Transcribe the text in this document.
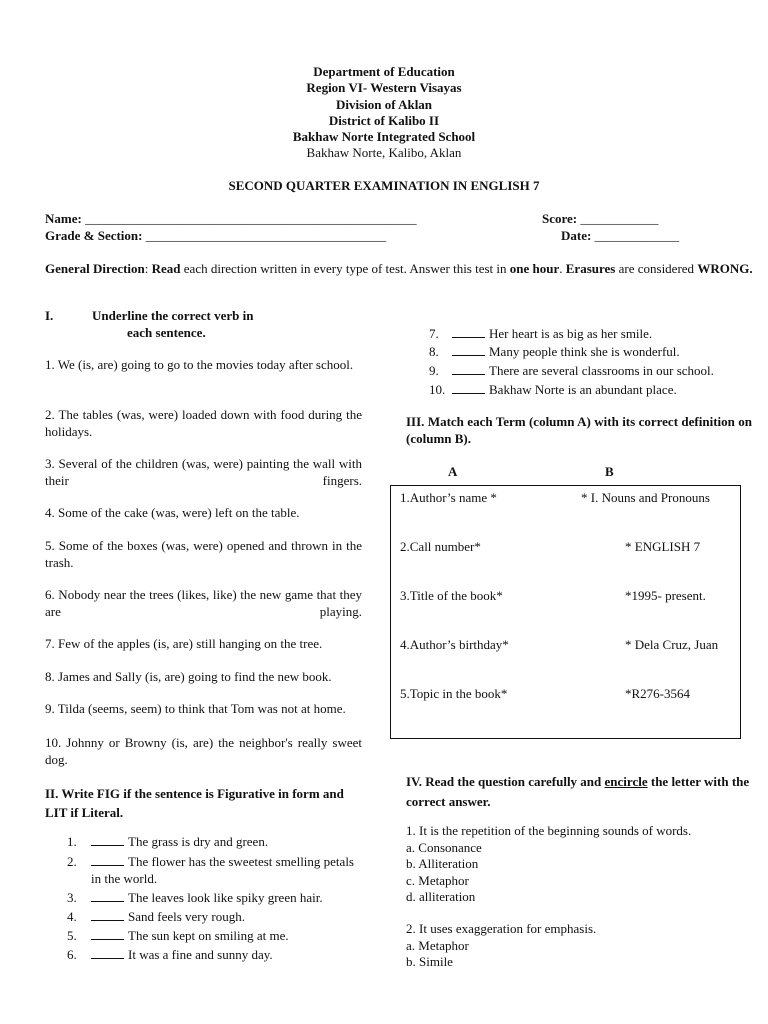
Department of Education
Region VI- Western Visayas
Division of Aklan
District of Kalibo II
Bakhaw Norte Integrated School
Bakhaw Norte, Kalibo, Aklan
SECOND QUARTER EXAMINATION IN ENGLISH 7
Name: ___________________________________________________	Score: ____________
Grade & Section: _____________________________________	Date: _____________
General Direction: Read each direction written in every type of test. Answer this test in one hour. Erasures are considered WRONG.
I.	Underline the correct verb in
each sentence.
1. We (is, are) going to go to the movies today after school.
2. The tables (was, were) loaded down with food during the holidays.
3. Several of the children (was, were) painting the wall with their fingers.
4. Some of the cake (was, were) left on the table.
5. Some of the boxes (was, were) opened and thrown in the trash.
6. Nobody near the trees (likes, like) the new game that they are playing.
7. Few of the apples (is, are) still hanging on the tree.
8. James and Sally (is, are) going to find the new book.
9. Tilda (seems, seem) to think that Tom was not at home.
10. Johnny or Browny (is, are) the neighbor's really sweet dog.
II. Write FIG if the sentence is Figurative in form and LIT if Literal.
1.	The grass is dry and green.
2.	The flower has the sweetest smelling petals in the world.
3.	The leaves look like spiky green hair.
4.	Sand feels very rough.
5.	The sun kept on smiling at me.
6.	It was a fine and sunny day.
7.	Her heart is as big as her smile.
8.	Many people think she is wonderful.
9.	There are several classrooms in our school.
10.	Bakhaw Norte is an abundant place.
III. Match each Term (column A) with its correct definition on (column B).
A	B
1.Author’s name *	* I. Nouns and Pronouns
2.Call number*	* ENGLISH 7
3.Title of the book*	*1995- present.
4.Author’s birthday*	* Dela Cruz, Juan
5.Topic in the book*	*R276-3564
IV. Read the question carefully and encircle the letter with the correct answer.
1. It is the repetition of the beginning sounds of words.
a. Consonance
b. Alliteration
c. Metaphor
d. alliteration
2. It uses exaggeration for emphasis.
a. Metaphor
b. Simile
